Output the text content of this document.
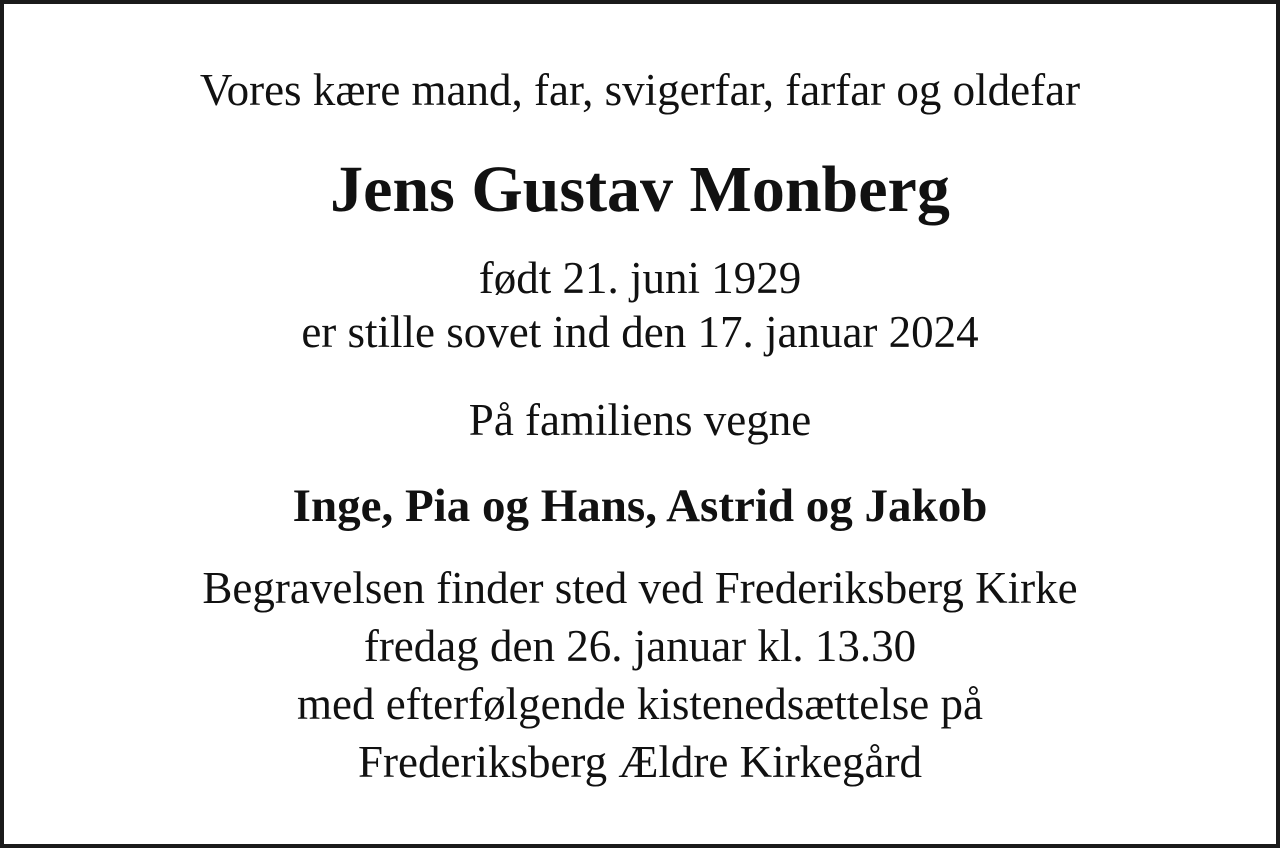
Vores kære mand, far, svigerfar, farfar og oldefar

Jens Gustav Monberg

født 21. juni 1929

er stille sovet ind den 17. januar 2024

På familiens vegne

Inge, Pia og Hans, Astrid og Jakob

Begravelsen finder sted ved Frederiksberg Kirke

fredag den 26. januar kl. 13.30

med efterfølgende kistenedsættelse på

Frederiksberg Ældre Kirkegård
